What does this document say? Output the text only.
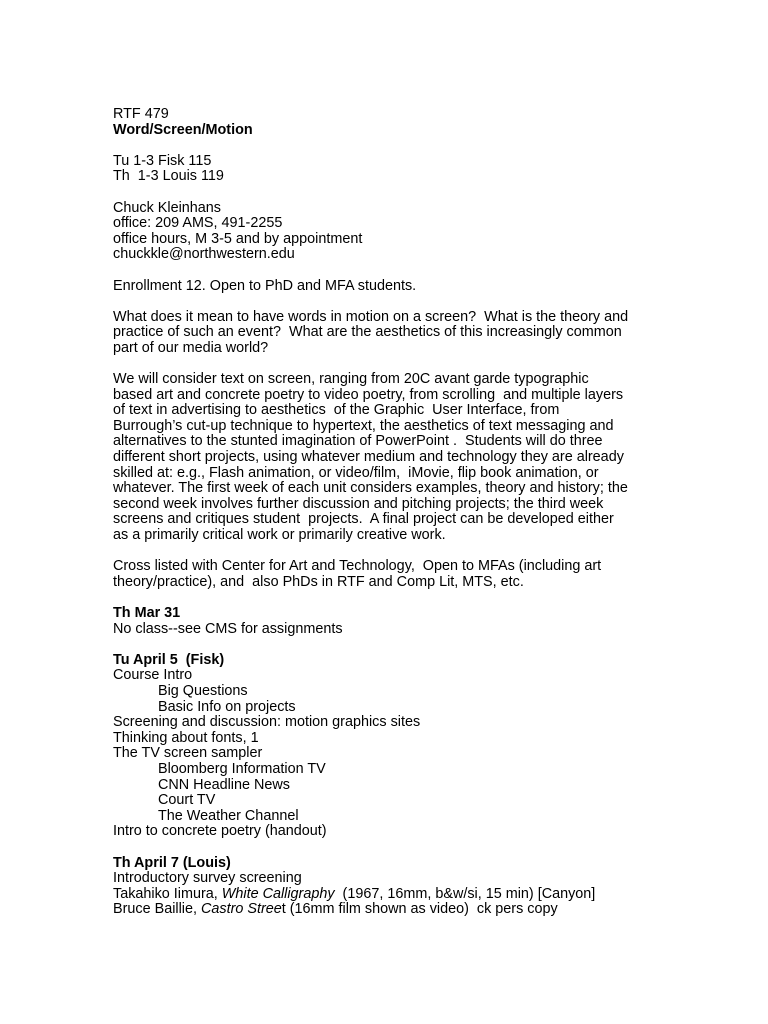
RTF 479
Word/Screen/Motion
Tu 1-3 Fisk 115
Th  1-3 Louis 119
Chuck Kleinhans
office: 209 AMS, 491-2255
office hours, M 3-5 and by appointment
chuckkle@northwestern.edu
Enrollment 12. Open to PhD and MFA students.
What does it mean to have words in motion on a screen?  What is the theory and
practice of such an event?  What are the aesthetics of this increasingly common
part of our media world?
We will consider text on screen, ranging from 20C avant garde typographic
based art and concrete poetry to video poetry, from scrolling  and multiple layers
of text in advertising to aesthetics  of the Graphic  User Interface, from
Burrough’s cut-up technique to hypertext, the aesthetics of text messaging and
alternatives to the stunted imagination of PowerPoint .  Students will do three
different short projects, using whatever medium and technology they are already
skilled at: e.g., Flash animation, or video/film,  iMovie, flip book animation, or
whatever. The first week of each unit considers examples, theory and history; the
second week involves further discussion and pitching projects; the third week
screens and critiques student  projects.  A final project can be developed either
as a primarily critical work or primarily creative work.
Cross listed with Center for Art and Technology,  Open to MFAs (including art
theory/practice), and  also PhDs in RTF and Comp Lit, MTS, etc.
Th Mar 31
No class--see CMS for assignments
Tu April 5  (Fisk)
Course Intro
Big Questions
Basic Info on projects
Screening and discussion: motion graphics sites
Thinking about fonts, 1
The TV screen sampler
Bloomberg Information TV
CNN Headline News
Court TV
The Weather Channel
Intro to concrete poetry (handout)
Th April 7 (Louis)
Introductory survey screening
Takahiko Iimura, White Calligraphy  (1967, 16mm, b&w/si, 15 min) [Canyon]
Bruce Baillie, Castro Street (16mm film shown as video)  ck pers copy
